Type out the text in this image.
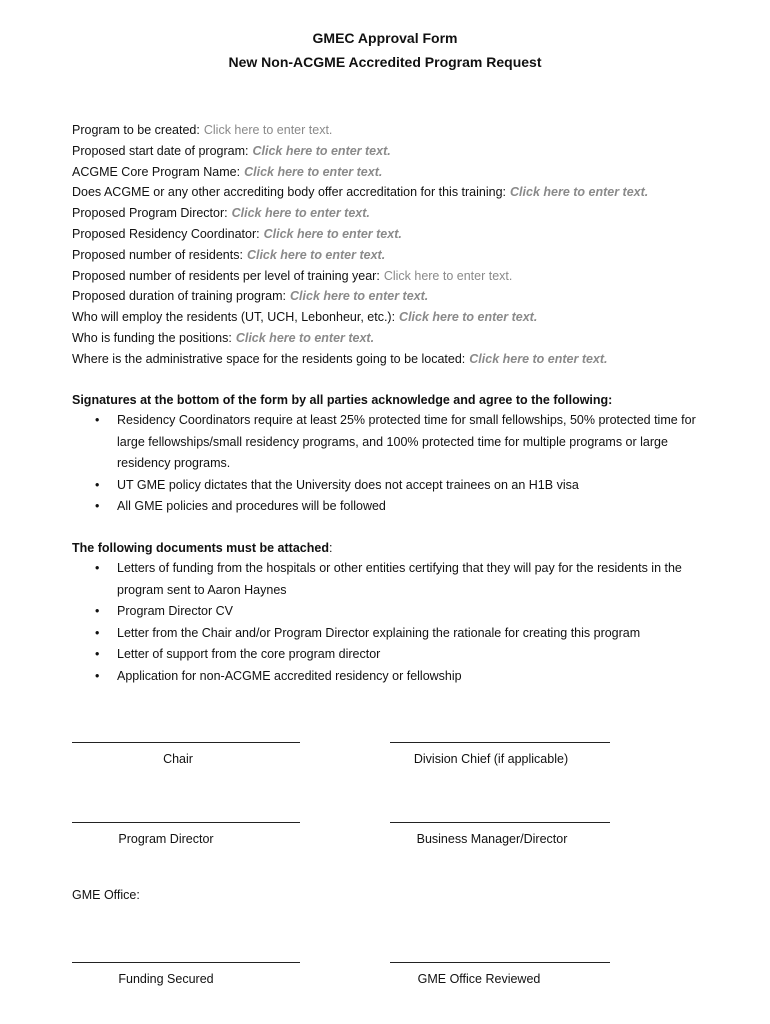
GMEC Approval Form
New Non-ACGME Accredited Program Request
Program to be created: Click here to enter text.
Proposed start date of program: Click here to enter text.
ACGME Core Program Name: Click here to enter text.
Does ACGME or any other accrediting body offer accreditation for this training: Click here to enter text.
Proposed Program Director: Click here to enter text.
Proposed Residency Coordinator: Click here to enter text.
Proposed number of residents: Click here to enter text.
Proposed number of residents per level of training year: Click here to enter text.
Proposed duration of training program: Click here to enter text.
Who will employ the residents (UT, UCH, Lebonheur, etc.): Click here to enter text.
Who is funding the positions: Click here to enter text.
Where is the administrative space for the residents going to be located: Click here to enter text.
Signatures at the bottom of the form by all parties acknowledge and agree to the following:
• Residency Coordinators require at least 25% protected time for small fellowships, 50% protected time for large fellowships/small residency programs, and 100% protected time for multiple programs or large residency programs.
• UT GME policy dictates that the University does not accept trainees on an H1B visa
• All GME policies and procedures will be followed
The following documents must be attached:
• Letters of funding from the hospitals or other entities certifying that they will pay for the residents in the program sent to Aaron Haynes
• Program Director CV
• Letter from the Chair and/or Program Director explaining the rationale for creating this program
• Letter of support from the core program director
• Application for non-ACGME accredited residency or fellowship
Chair	Division Chief (if applicable)
Program Director	Business Manager/Director
GME Office:
Funding Secured	GME Office Reviewed
